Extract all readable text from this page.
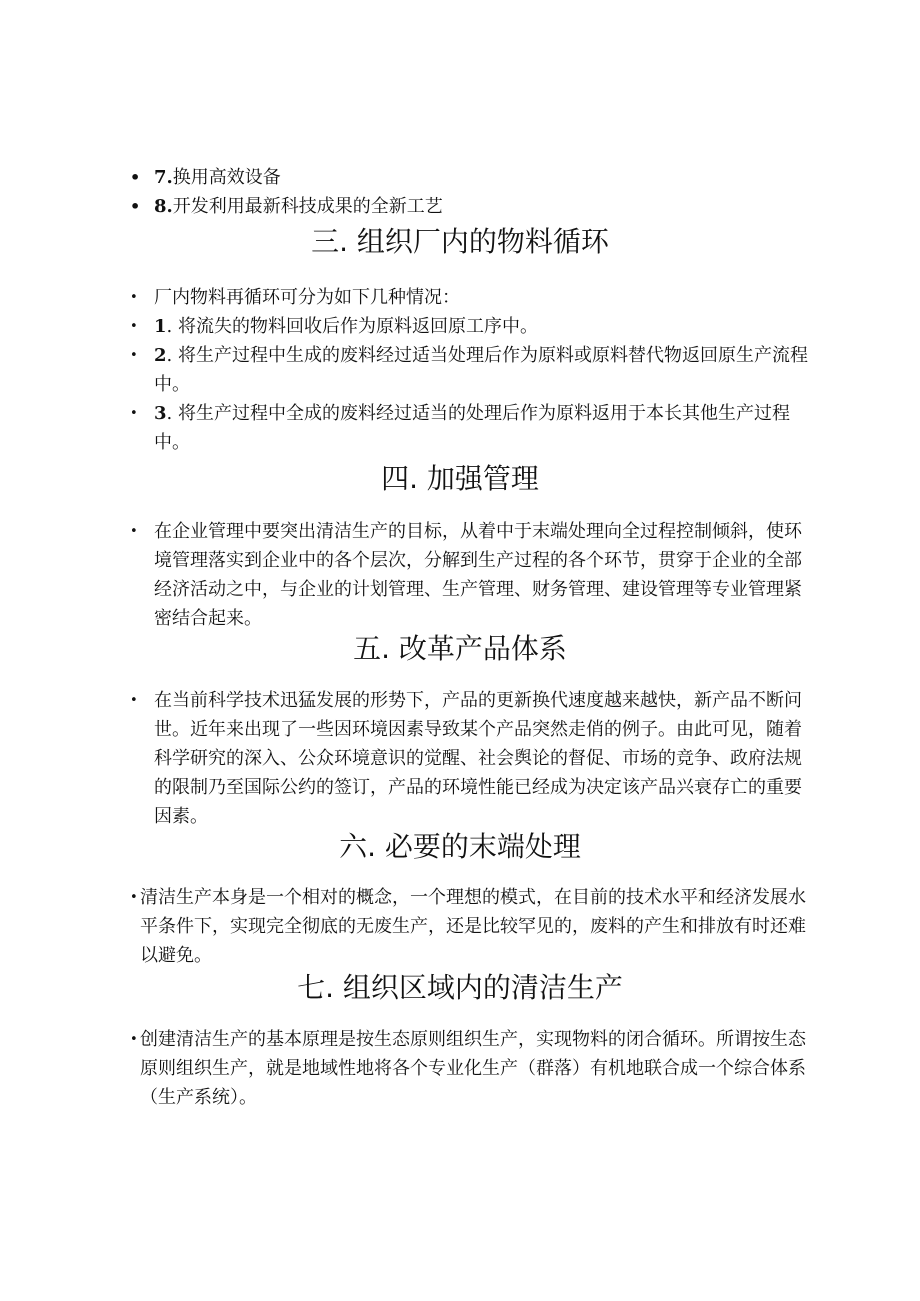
• 7.换用高效设备
• 8.开发利用最新科技成果的全新工艺
三. 组织厂内的物料循环
• 厂内物料再循环可分为如下几种情况：
• 1. 将流失的物料回收后作为原料返回原工序中。
• 2. 将生产过程中生成的废料经过适当处理后作为原料或原料替代物返回原生产流程中。
• 3. 将生产过程中全成的废料经过适当的处理后作为原料返用于本长其他生产过程中。
四. 加强管理
• 在企业管理中要突出清洁生产的目标，从着中于末端处理向全过程控制倾斜，使环境管理落实到企业中的各个层次，分解到生产过程的各个环节，贯穿于企业的全部经济活动之中，与企业的计划管理、生产管理、财务管理、建设管理等专业管理紧密结合起来。
五. 改革产品体系
• 在当前科学技术迅猛发展的形势下，产品的更新换代速度越来越快，新产品不断问世。近年来出现了一些因环境因素导致某个产品突然走俏的例子。由此可见，随着科学研究的深入、公众环境意识的觉醒、社会舆论的督促、市场的竞争、政府法规的限制乃至国际公约的签订，产品的环境性能已经成为决定该产品兴衰存亡的重要因素。
六. 必要的末端处理
• 清洁生产本身是一个相对的概念，一个理想的模式，在目前的技术水平和经济发展水平条件下，实现完全彻底的无废生产，还是比较罕见的，废料的产生和排放有时还难以避免。
七. 组织区域内的清洁生产
• 创建清洁生产的基本原理是按生态原则组织生产，实现物料的闭合循环。所谓按生态原则组织生产，就是地域性地将各个专业化生产（群落）有机地联合成一个综合体系（生产系统）。
